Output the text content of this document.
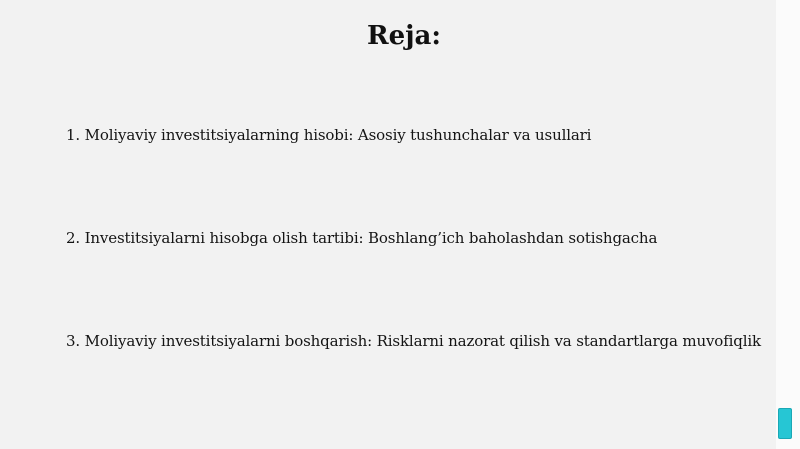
Reja:
1. Moliyaviy investitsiyalarning hisobi: Asosiy tushunchalar va usullari
2. Investitsiyalarni hisobga olish tartibi: Boshlang’ich baholashdan sotishgacha
3. Moliyaviy investitsiyalarni boshqarish: Risklarni nazorat qilish va standartlarga muvofiqlik
